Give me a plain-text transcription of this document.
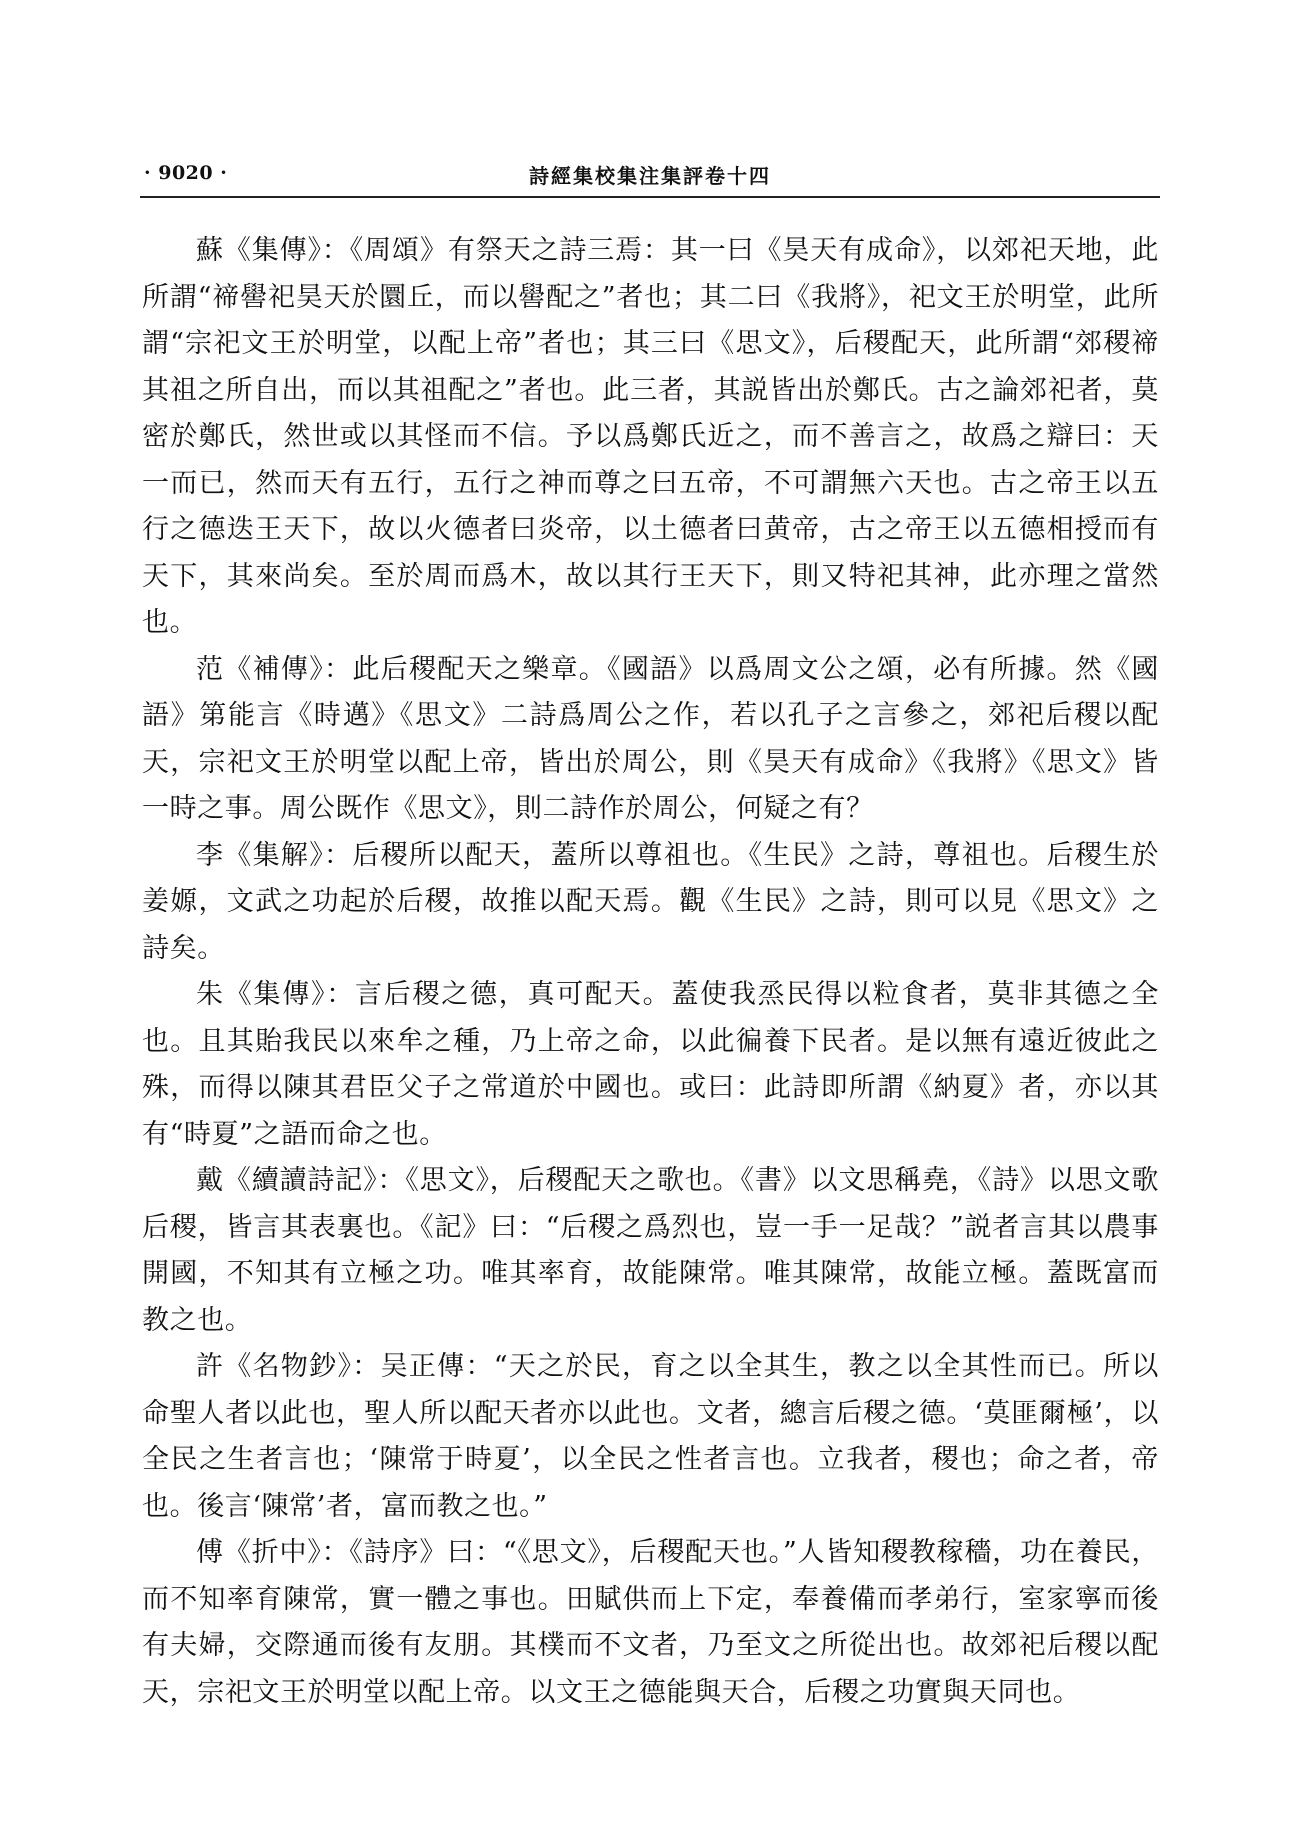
· 9020 ·	詩經集校集注集評卷十四

蘇《集傳》：《周頌》有祭天之詩三焉：其一曰《昊天有成命》，以郊祀天地，此所謂“禘嚳祀昊天於圜丘，而以嚳配之”者也；其二曰《我將》，祀文王於明堂，此所謂“宗祀文王於明堂，以配上帝”者也；其三曰《思文》，后稷配天，此所謂“郊稷禘其祖之所自出，而以其祖配之”者也。此三者，其説皆出於鄭氏。古之論郊祀者，莫密於鄭氏，然世或以其怪而不信。予以爲鄭氏近之，而不善言之，故爲之辯曰：天一而已，然而天有五行，五行之神而尊之曰五帝，不可謂無六天也。古之帝王以五行之德迭王天下，故以火德者曰炎帝，以土德者曰黄帝，古之帝王以五德相授而有天下，其來尚矣。至於周而爲木，故以其行王天下，則又特祀其神，此亦理之當然也。

范《補傳》：此后稷配天之樂章。《國語》以爲周文公之頌，必有所據。然《國語》第能言《時邁》《思文》二詩爲周公之作，若以孔子之言參之，郊祀后稷以配天，宗祀文王於明堂以配上帝，皆出於周公，則《昊天有成命》《我將》《思文》皆一時之事。周公既作《思文》，則二詩作於周公，何疑之有？

李《集解》：后稷所以配天，蓋所以尊祖也。《生民》之詩，尊祖也。后稷生於姜嫄，文武之功起於后稷，故推以配天焉。觀《生民》之詩，則可以見《思文》之詩矣。

朱《集傳》：言后稷之德，真可配天。蓋使我烝民得以粒食者，莫非其德之全也。且其貽我民以來牟之種，乃上帝之命，以此徧養下民者。是以無有遠近彼此之殊，而得以陳其君臣父子之常道於中國也。或曰：此詩即所謂《納夏》者，亦以其有“時夏”之語而命之也。

戴《續讀詩記》：《思文》，后稷配天之歌也。《書》以文思稱堯，《詩》以思文歌后稷，皆言其表裏也。《記》曰：“后稷之爲烈也，豈一手一足哉？”説者言其以農事開國，不知其有立極之功。唯其率育，故能陳常。唯其陳常，故能立極。蓋既富而教之也。

許《名物鈔》：吴正傳：“天之於民，育之以全其生，教之以全其性而已。所以命聖人者以此也，聖人所以配天者亦以此也。文者，總言后稷之德。‘莫匪爾極’，以全民之生者言也；‘陳常于時夏’，以全民之性者言也。立我者，稷也；命之者，帝也。後言‘陳常’者，富而教之也。”

傅《折中》：《詩序》曰：“《思文》，后稷配天也。”人皆知稷教稼穡，功在養民，而不知率育陳常，實一體之事也。田賦供而上下定，奉養備而孝弟行，室家寧而後有夫婦，交際通而後有友朋。其樸而不文者，乃至文之所從出也。故郊祀后稷以配天，宗祀文王於明堂以配上帝。以文王之德能與天合，后稷之功實與天同也。
